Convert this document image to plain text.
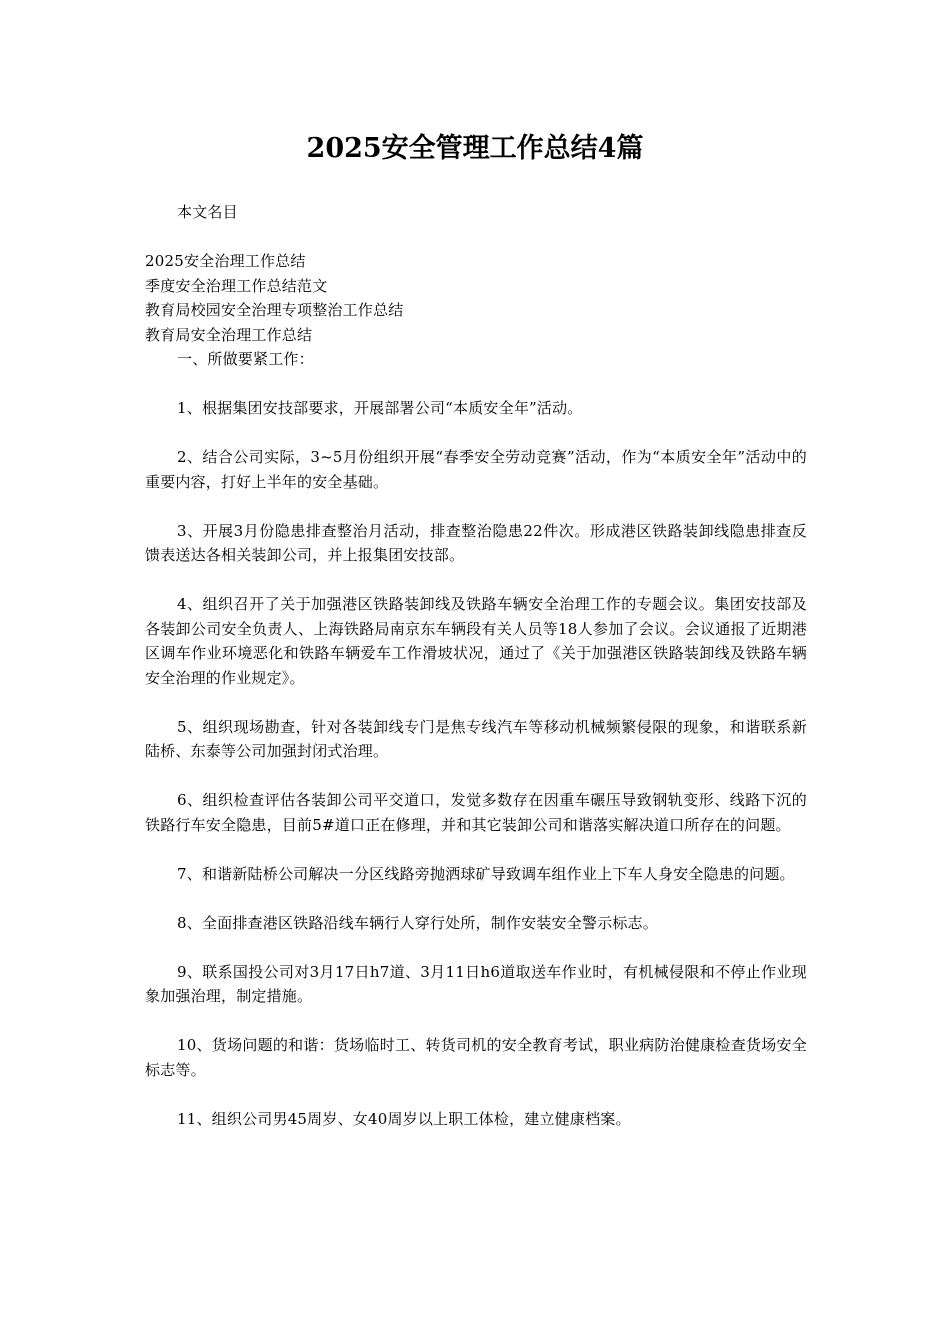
2025安全管理工作总结4篇

本文名目

2025安全治理工作总结
季度安全治理工作总结范文
教育局校园安全治理专项整治工作总结
教育局安全治理工作总结

一、所做要紧工作：

1、根据集团安技部要求，开展部署公司“本质安全年”活动。

2、结合公司实际，3~5月份组织开展“春季安全劳动竞赛”活动，作为“本质安全年”活动中的重要内容，打好上半年的安全基础。

3、开展3月份隐患排查整治月活动，排查整治隐患22件次。形成港区铁路装卸线隐患排查反馈表送达各相关装卸公司，并上报集团安技部。

4、组织召开了关于加强港区铁路装卸线及铁路车辆安全治理工作的专题会议。集团安技部及各装卸公司安全负责人、上海铁路局南京东车辆段有关人员等18人参加了会议。会议通报了近期港区调车作业环境恶化和铁路车辆爱车工作滑坡状况，通过了《关于加强港区铁路装卸线及铁路车辆安全治理的作业规定》。

5、组织现场勘查，针对各装卸线专门是焦专线汽车等移动机械频繁侵限的现象，和谐联系新陆桥、东泰等公司加强封闭式治理。

6、组织检查评估各装卸公司平交道口，发觉多数存在因重车碾压导致钢轨变形、线路下沉的铁路行车安全隐患，目前5#道口正在修理，并和其它装卸公司和谐落实解决道口所存在的问题。

7、和谐新陆桥公司解决一分区线路旁抛洒球矿导致调车组作业上下车人身安全隐患的问题。

8、全面排查港区铁路沿线车辆行人穿行处所，制作安装安全警示标志。

9、联系国投公司对3月17日h7道、3月11日h6道取送车作业时，有机械侵限和不停止作业现象加强治理，制定措施。

10、货场问题的和谐：货场临时工、转货司机的安全教育考试，职业病防治健康检查货场安全标志等。

11、组织公司男45周岁、女40周岁以上职工体检，建立健康档案。
